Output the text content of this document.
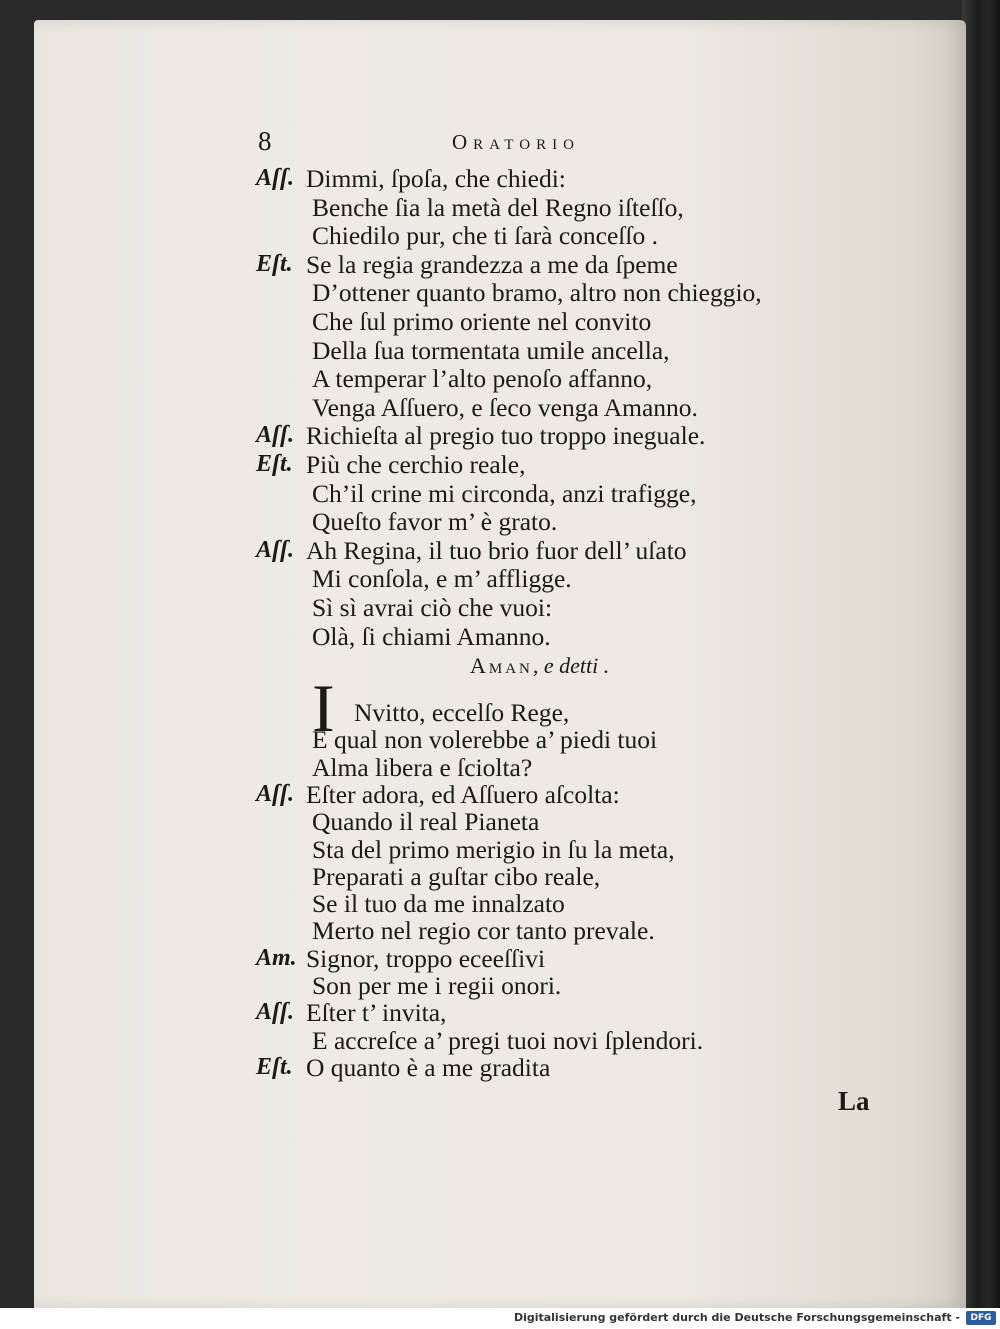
8	Oratorio
Aſſ. Dimmi, ſpoſa, che chiedi:
Benche ſia la metà del Regno iſteſſo,
Chiedilo pur, che ti ſarà conceſſo .
Eſt. Se la regia grandezza a me da ſpeme
D’ottener quanto bramo, altro non chieggio,
Che ſul primo oriente nel convito
Della ſua tormentata umile ancella,
A temperar l’alto penoſo affanno,
Venga Aſſuero, e ſeco venga Amanno.
Aſſ. Richieſta al pregio tuo troppo ineguale.
Eſt. Più che cerchio reale,
Ch’il crine mi circonda, anzi trafigge,
Queſto favor m’ è grato.
Aſſ. Ah Regina, il tuo brio fuor dell’ uſato
Mi conſola, e m’ affligge.
Sì sì avrai ciò che vuoi:
Olà, ſi chiami Amanno.
Aman, e detti .
I Nvitto, eccelſo Rege,
E qual non volerebbe a’ piedi tuoi
Alma libera e ſciolta?
Aſſ. Eſter adora, ed Aſſuero aſcolta:
Quando il real Pianeta
Sta del primo merigio in ſu la meta,
Preparati a guſtar cibo reale,
Se il tuo da me innalzato
Merto nel regio cor tanto prevale.
Am. Signor, troppo eceeſſivi
Son per me i regii onori.
Aſſ. Eſter t’ invita,
E accreſce a’ pregi tuoi novi ſplendori.
Eſt. O quanto è a me gradita
La
Digitalisierung gefördert durch die Deutsche Forschungsgemeinschaft -	DFG
